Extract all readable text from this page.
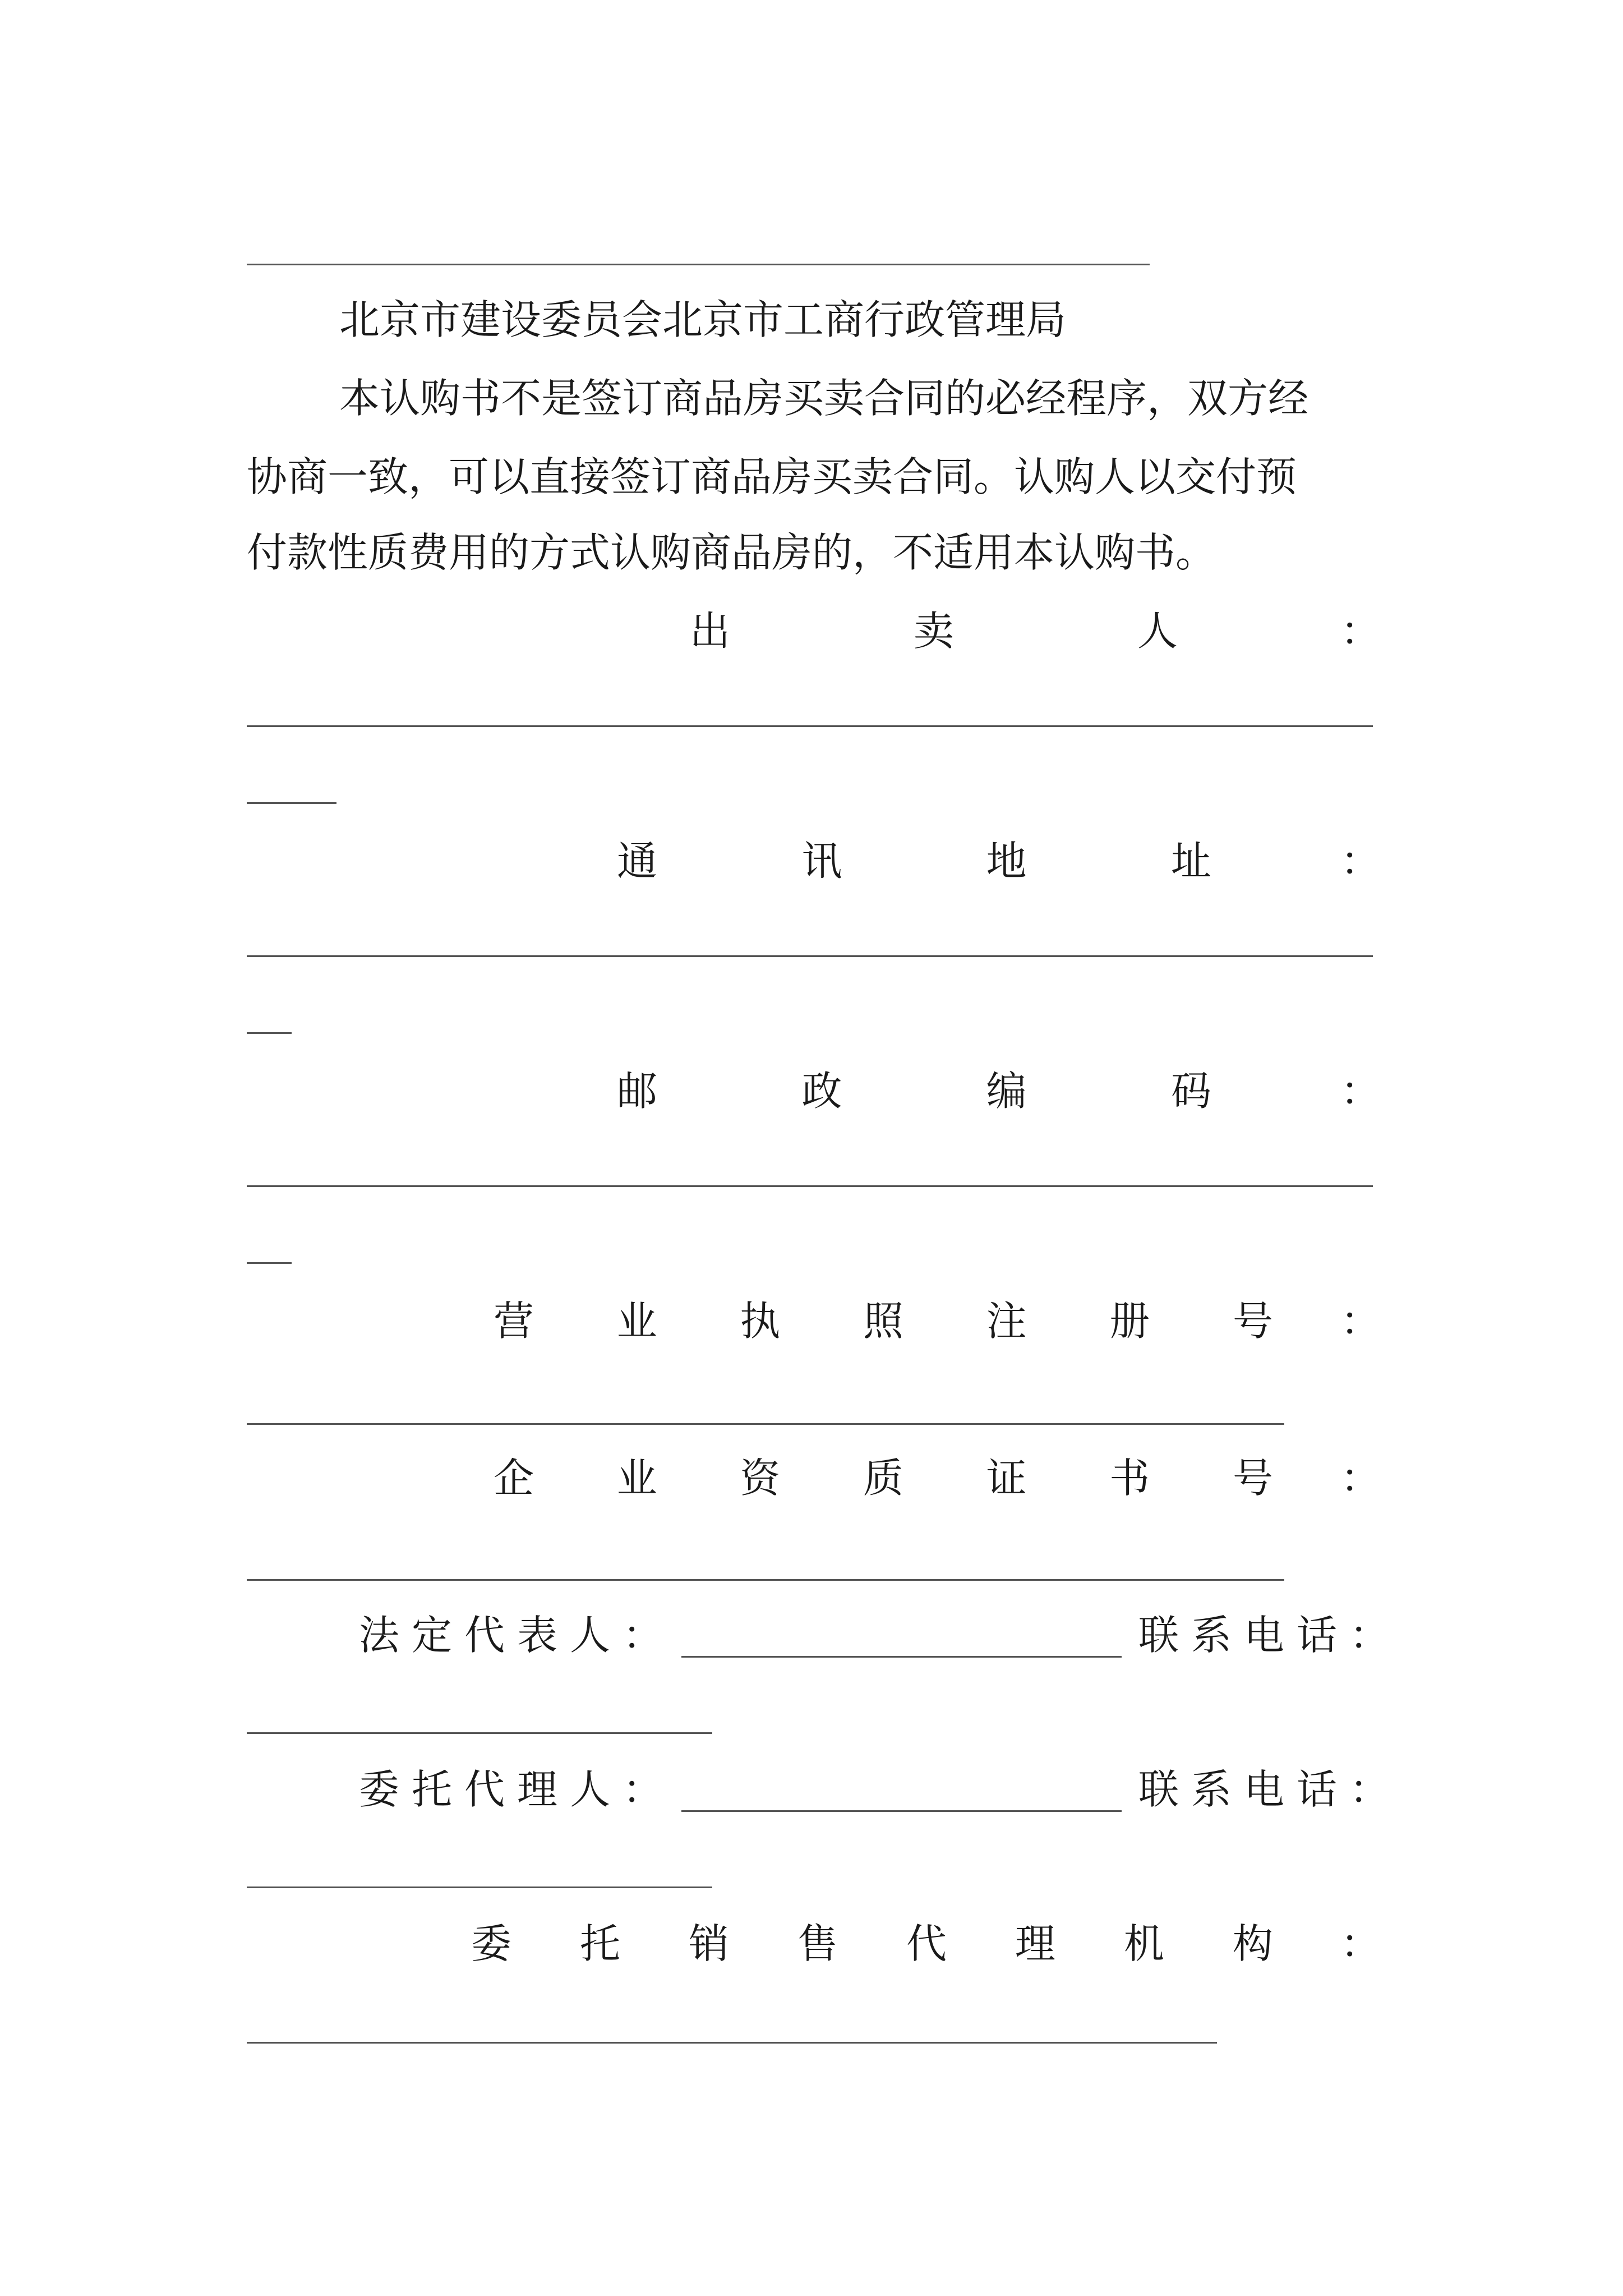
北京市建设委员会北京市工商行政管理局
本认购书不是签订商品房买卖合同的必经程序，双方经
协商一致，可以直接签订商品房买卖合同。认购人以交付预
付款性质费用的方式认购商品房的，不适用本认购书。
出	卖	人	：
通	讯	地	址	：
邮	政	编	码	：
营 业 执 照 注 册 号 ：
企 业 资 质 证 书 号 ：
法定代表人：	联系电话：
委托代理人：	联系电话：
委 托 销 售 代 理 机 构 ：
